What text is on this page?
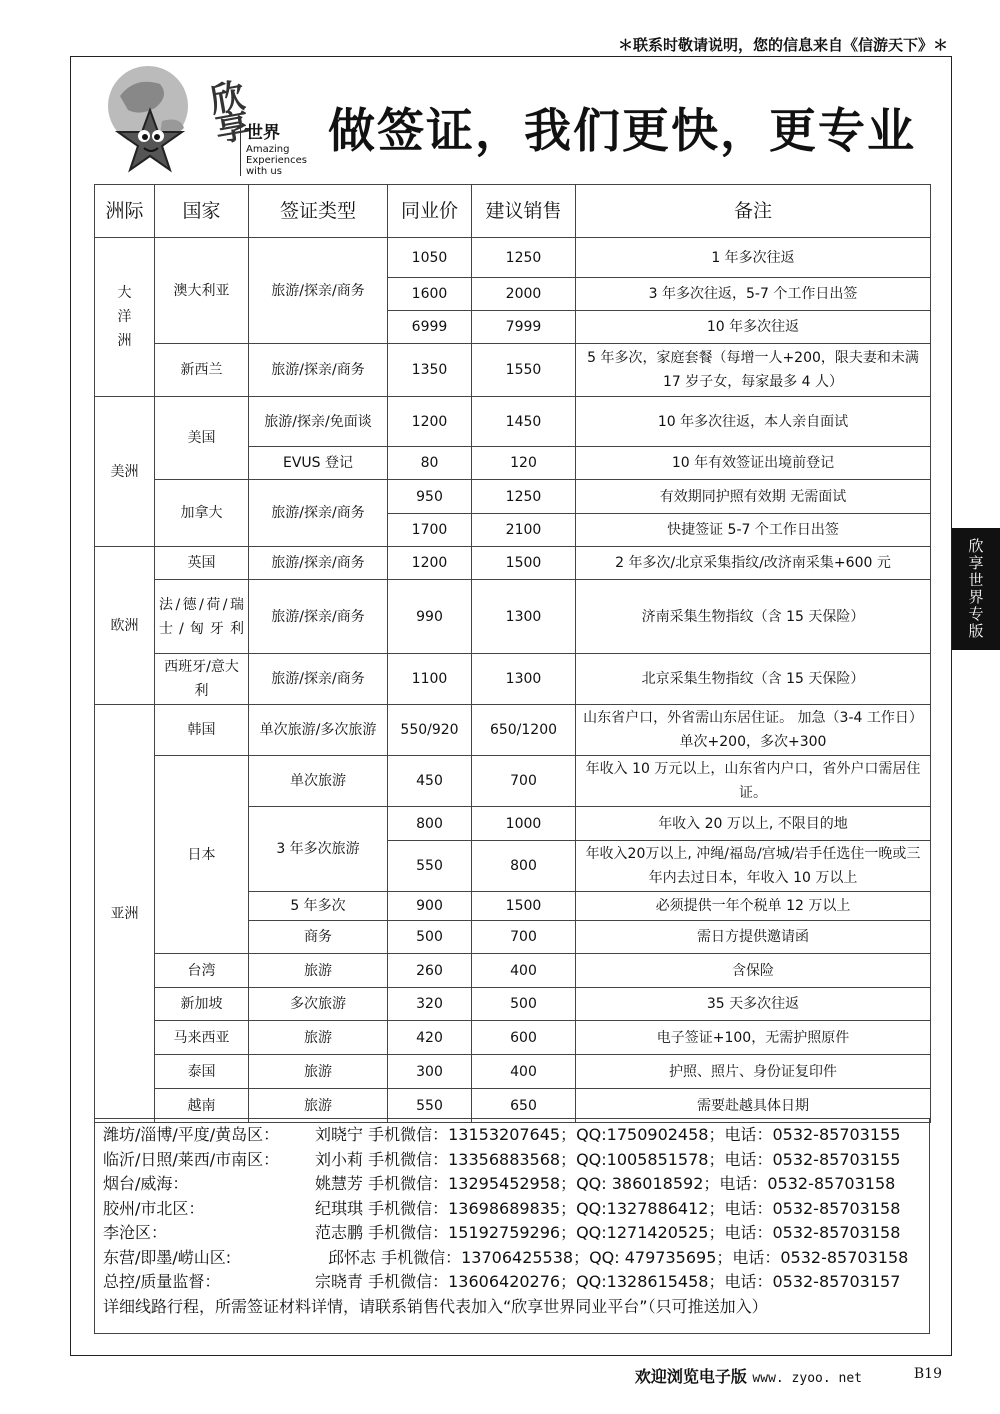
＊联系时敬请说明，您的信息来自《信游天下》＊
欣享
世界
Amazing Experiences with us
做签证，我们更快，更专业
洲际	国家	签证类型	同业价	建议销售	备注
大洋洲	澳大利亚	旅游/探亲/商务	1050	1250	1 年多次往返
			1600	2000	3 年多次往返，5-7 个工作日出签
			6999	7999	10 年多次往返
	新西兰	旅游/探亲/商务	1350	1550	5 年多次，家庭套餐（每增一人+200，限夫妻和未满 17 岁子女，每家最多 4 人）
美洲	美国	旅游/探亲/免面谈	1200	1450	10 年多次往返，本人亲自面试
		EVUS 登记	80	120	10 年有效签证出境前登记
	加拿大	旅游/探亲/商务	950	1250	有效期同护照有效期 无需面试
			1700	2100	快捷签证 5-7 个工作日出签
欧洲	英国	旅游/探亲/商务	1200	1500	2 年多次/北京采集指纹/改济南采集+600 元
	法/德/荷/瑞士/匈牙利	旅游/探亲/商务	990	1300	济南采集生物指纹（含 15 天保险）
	西班牙/意大利	旅游/探亲/商务	1100	1300	北京采集生物指纹（含 15 天保险）
亚洲	韩国	单次旅游/多次旅游	550/920	650/1200	山东省户口，外省需山东居住证。 加急（3-4 工作日）单次+200，多次+300
	日本	单次旅游	450	700	年收入 10 万元以上，山东省内户口，省外户口需居住证。
		3 年多次旅游	800	1000	年收入 20 万以上, 不限目的地
			550	800	年收入20万以上, 冲绳/福岛/宫城/岩手任选住一晚或三年内去过日本，年收入 10 万以上
		5 年多次	900	1500	必须提供一年个税单 12 万以上
		商务	500	700	需日方提供邀请函
	台湾	旅游	260	400	含保险
	新加坡	多次旅游	320	500	35 天多次往返
	马来西亚	旅游	420	600	电子签证+100，无需护照原件
	泰国	旅游	300	400	护照、照片、身份证复印件
	越南	旅游	550	650	需要赴越具体日期
潍坊/淄博/平度/黄岛区： 刘晓宁 手机微信：13153207645；QQ:1750902458；电话：0532-85703155
临沂/日照/莱西/市南区： 刘小莉 手机微信：13356883568；QQ:1005851578；电话：0532-85703155
烟台/威海：	姚慧芳 手机微信：13295452958；QQ: 386018592；电话：0532-85703158
胶州/市北区：	纪琪琪 手机微信：13698689835；QQ:1327886412；电话：0532-85703158
李沧区：	范志鹏 手机微信：15192759296；QQ:1271420525；电话：0532-85703158
东营/即墨/崂山区:	邱怀志 手机微信：13706425538；QQ: 479735695；电话：0532-85703158
总控/质量监督：	宗晓青 手机微信：13606420276；QQ:1328615458；电话：0532-85703157
详细线路行程，所需签证材料详情，请联系销售代表加入“欣享世界同业平台”（只可推送加入）
欣享世界专版
欢迎浏览电子版 www. zyoo. net	B19
